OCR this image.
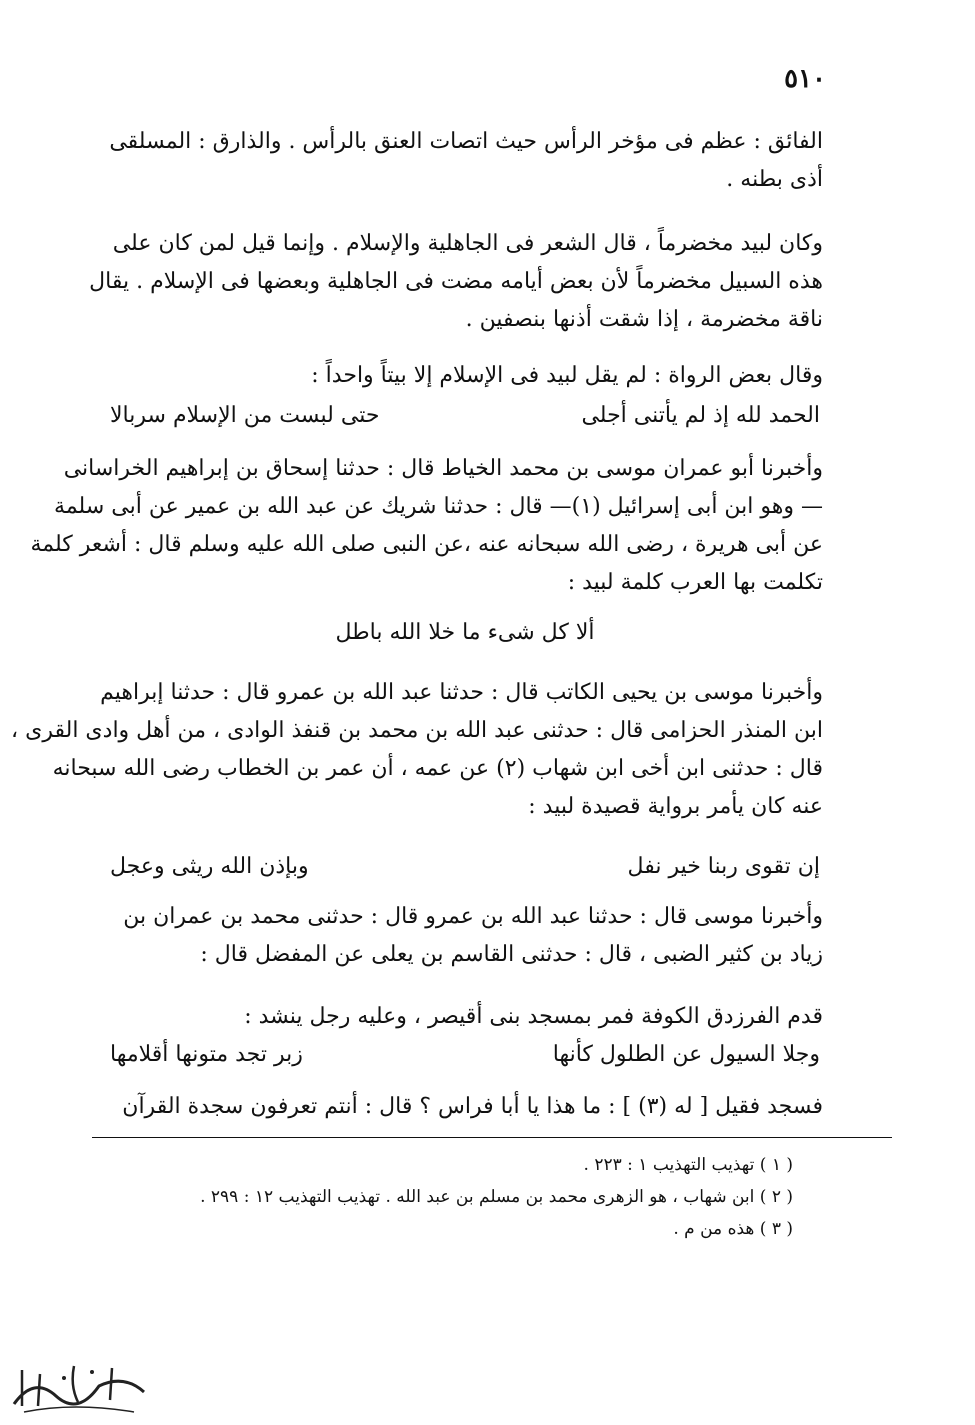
٥١٠
الفائق : عظم فى مؤخر الرأس حيث اتصات العنق بالرأس . والذارق : المسلقى
أذى بطنه .
وكان لبيد مخضرماً ، قال الشعر فى الجاهلية والإسلام . وإنما قيل لمن كان على
هذه السبيل مخضرماً لأن بعض أيامه مضت فى الجاهلية وبعضها فى الإسلام . يقال
ناقة مخضرمة ، إذا شقت أذنها بنصفين .
وقال بعض الرواة : لم يقل لبيد فى الإسلام إلا بيتاً واحداً :
الحمد لله إذ لم يأتنى أجلى
حتى لبست من الإسلام سربالا
وأخبرنا أبو عمران موسى بن محمد الخياط قال : حدثنا إسحاق بن إبراهيم الخراسانى
— وهو ابن أبى إسرائيل (١)— قال : حدثنا شريك عن عبد الله بن عمير عن أبى سلمة
عن أبى هريرة ، رضى الله سبحانه عنه ،عن النبى صلى الله عليه وسلم قال : أشعر كلمة
تكلمت بها العرب كلمة لبيد :
ألا كل شىء ما خلا الله باطل
وأخبرنا موسى بن يحيى الكاتب قال : حدثنا عبد الله بن عمرو قال : حدثنا إبراهيم
ابن المنذر الحزامى قال : حدثنى عبد الله بن محمد بن قنفذ الوادى ، من أهل وادى القرى ،
قال : حدثنى ابن أخى ابن شهاب (٢) عن عمه ، أن عمر بن الخطاب رضى الله سبحانه
عنه كان يأمر برواية قصيدة لبيد :
إن تقوى ربنا خير نفل
وبإذن الله ريثى وعجل
وأخبرنا موسى قال : حدثنا عبد الله بن عمرو قال : حدثنى محمد بن عمران بن
زياد بن كثير الضبى ، قال : حدثنى القاسم بن يعلى عن المفضل قال :
قدم الفرزدق الكوفة فمر بمسجد بنى أقيصر ، وعليه رجل ينشد :
وجلا السيول عن الطلول كأنها
زبر تجد متونها أقلامها
فسجد فقيل [ له (٣) ] : ما هذا يا أبا فراس ؟ قال : أنتم تعرفون سجدة القرآن
( ١ ) تهذيب التهذيب ١ : ٢٢٣ .
( ٢ ) ابن شهاب ، هو الزهرى محمد بن مسلم بن عبد الله . تهذيب التهذيب ١٢ : ٢٩٩ .
( ٣ ) هذه من م .
